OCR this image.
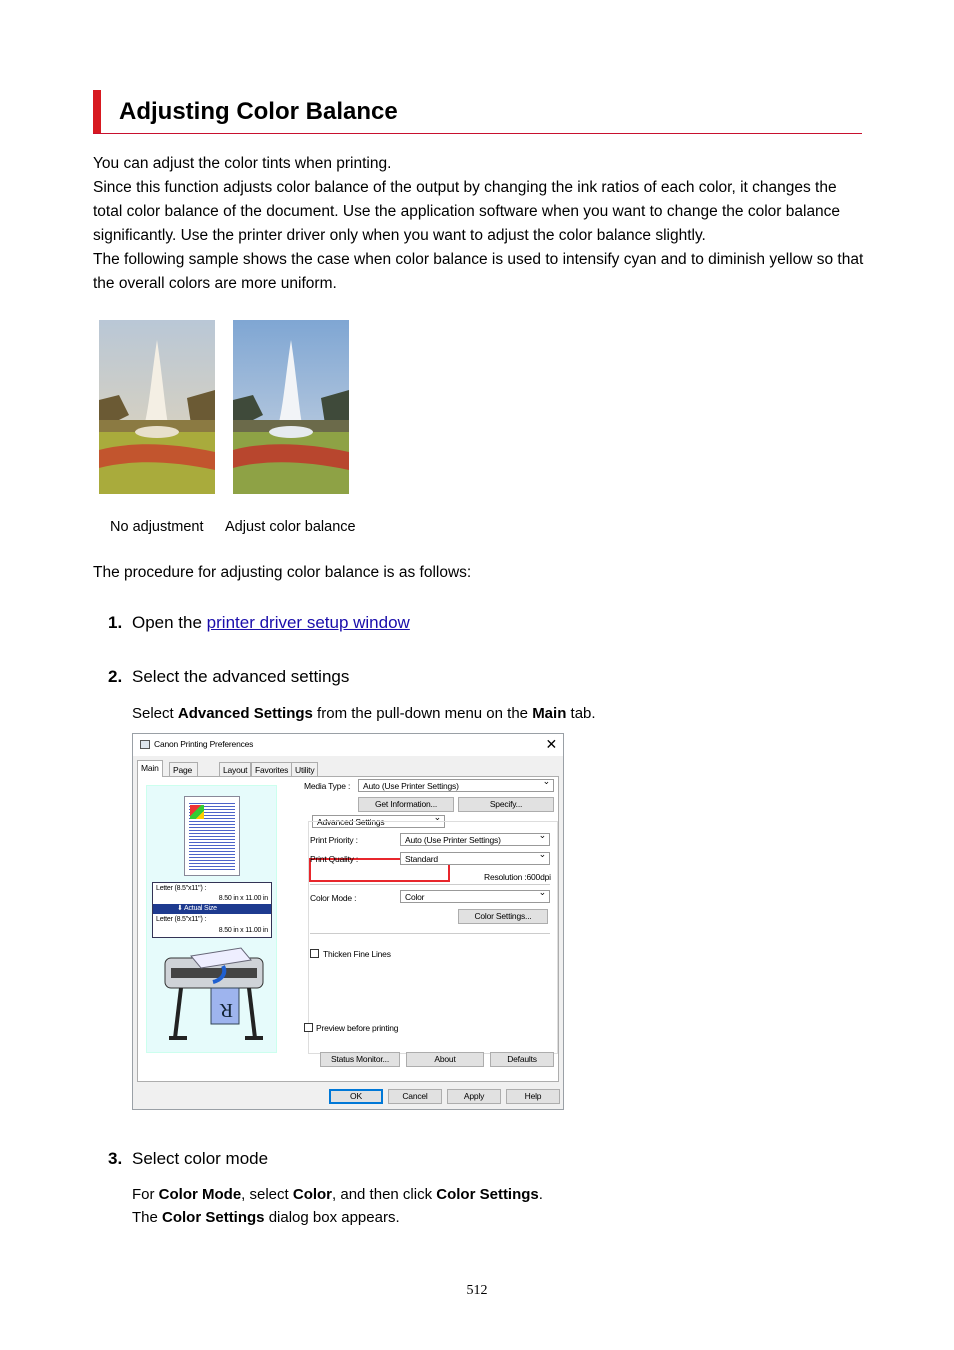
Adjusting Color Balance
You can adjust the color tints when printing.
Since this function adjusts color balance of the output by changing the ink ratios of each color, it changes the total color balance of the document. Use the application software when you want to change the color balance significantly. Use the printer driver only when you want to adjust the color balance slightly.
The following sample shows the case when color balance is used to intensify cyan and to diminish yellow so that the overall colors are more uniform.
No adjustment Adjust color balance
The procedure for adjusting color balance is as follows:
1. Open the printer driver setup window
2. Select the advanced settings
Select Advanced Settings from the pull-down menu on the Main tab.
Canon Printing Preferences	✕
Main	Page	Layout Favorites Utility
Letter (8.5"x11") :
8.50 in x 11.00 in
⬇ Actual Size
Letter (8.5"x11") :
8.50 in x 11.00 in
R
Media Type :	Auto (Use Printer Settings) ⌄
Get Information...	Specify...
Advanced Settings ⌄
Print Priority :	Auto (Use Printer Settings) ⌄
Print Quality :	Standard ⌄
Resolution :600dpi
Color Mode :	Color ⌄
Color Settings...
Thicken Fine Lines
Preview before printing
Status Monitor...	About	Defaults
OK	Cancel	Apply	Help
3. Select color mode
For Color Mode, select Color, and then click Color Settings.
The Color Settings dialog box appears.
512
